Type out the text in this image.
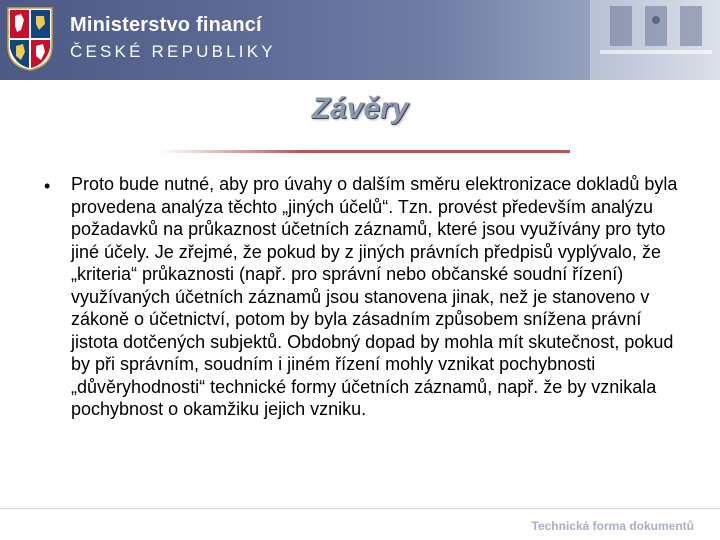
Ministerstvo financí
ČESKÉ REPUBLIKY
Závěry
• Proto bude nutné, aby pro úvahy o dalším směru elektronizace dokladů byla provedena analýza těchto „jiných účelů“. Tzn. provést především analýzu požadavků na průkaznost účetních záznamů, které jsou využívány pro tyto jiné účely. Je zřejmé, že pokud by z jiných právních předpisů vyplývalo, že „kriteria“ průkaznosti (např. pro správní nebo občanské soudní řízení) využívaných účetních záznamů jsou stanovena jinak, než je stanoveno v zákoně o účetnictví, potom by byla zásadním způsobem snížena právní jistota dotčených subjektů. Obdobný dopad by mohla mít skutečnost, pokud by při správním, soudním i jiném řízení mohly vznikat pochybnosti „důvěryhodnosti“ technické formy účetních záznamů, např. že by vznikala pochybnost o okamžiku jejich vzniku.

Technická forma dokumentů
